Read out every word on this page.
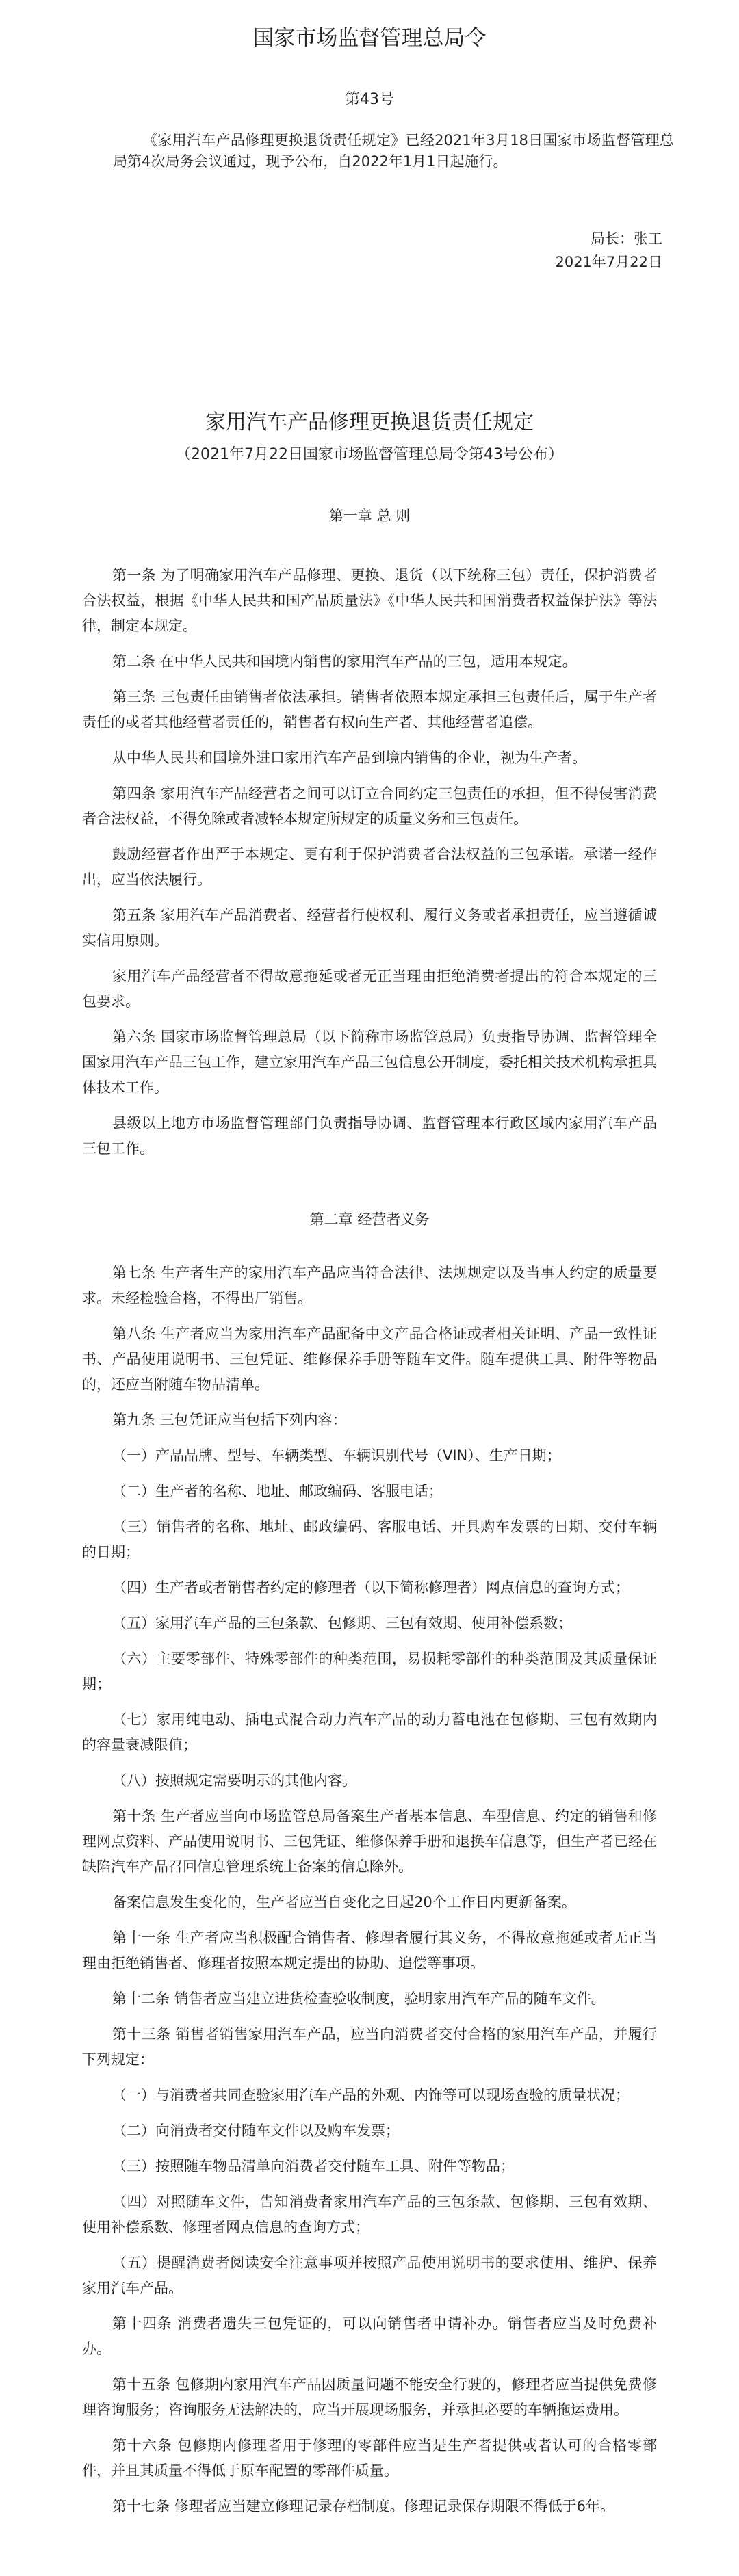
国家市场监督管理总局令
第43号
《家用汽车产品修理更换退货责任规定》已经2021年3月18日国家市场监督管理总局第4次局务会议通过，现予公布，自2022年1月1日起施行。
局长：张工
2021年7月22日
家用汽车产品修理更换退货责任规定
（2021年7月22日国家市场监督管理总局令第43号公布）
第一章 总 则

第一条 为了明确家用汽车产品修理、更换、退货（以下统称三包）责任，保护消费者合法权益，根据《中华人民共和国产品质量法》《中华人民共和国消费者权益保护法》等法律，制定本规定。

第二条 在中华人民共和国境内销售的家用汽车产品的三包，适用本规定。

第三条 三包责任由销售者依法承担。销售者依照本规定承担三包责任后，属于生产者责任的或者其他经营者责任的，销售者有权向生产者、其他经营者追偿。

从中华人民共和国境外进口家用汽车产品到境内销售的企业，视为生产者。

第四条 家用汽车产品经营者之间可以订立合同约定三包责任的承担，但不得侵害消费者合法权益，不得免除或者减轻本规定所规定的质量义务和三包责任。

鼓励经营者作出严于本规定、更有利于保护消费者合法权益的三包承诺。承诺一经作出，应当依法履行。

第五条 家用汽车产品消费者、经营者行使权利、履行义务或者承担责任，应当遵循诚实信用原则。

家用汽车产品经营者不得故意拖延或者无正当理由拒绝消费者提出的符合本规定的三包要求。

第六条 国家市场监督管理总局（以下简称市场监管总局）负责指导协调、监督管理全国家用汽车产品三包工作，建立家用汽车产品三包信息公开制度，委托相关技术机构承担具体技术工作。

县级以上地方市场监督管理部门负责指导协调、监督管理本行政区域内家用汽车产品三包工作。

第二章 经营者义务

第七条 生产者生产的家用汽车产品应当符合法律、法规规定以及当事人约定的质量要求。未经检验合格，不得出厂销售。

第八条 生产者应当为家用汽车产品配备中文产品合格证或者相关证明、产品一致性证书、产品使用说明书、三包凭证、维修保养手册等随车文件。随车提供工具、附件等物品的，还应当附随车物品清单。

第九条 三包凭证应当包括下列内容：

（一）产品品牌、型号、车辆类型、车辆识别代号（VIN）、生产日期；

（二）生产者的名称、地址、邮政编码、客服电话；

（三）销售者的名称、地址、邮政编码、客服电话、开具购车发票的日期、交付车辆的日期；

（四）生产者或者销售者约定的修理者（以下简称修理者）网点信息的查询方式；

（五）家用汽车产品的三包条款、包修期、三包有效期、使用补偿系数；

（六）主要零部件、特殊零部件的种类范围，易损耗零部件的种类范围及其质量保证期；

（七）家用纯电动、插电式混合动力汽车产品的动力蓄电池在包修期、三包有效期内的容量衰减限值；

（八）按照规定需要明示的其他内容。

第十条 生产者应当向市场监管总局备案生产者基本信息、车型信息、约定的销售和修理网点资料、产品使用说明书、三包凭证、维修保养手册和退换车信息等，但生产者已经在缺陷汽车产品召回信息管理系统上备案的信息除外。

备案信息发生变化的，生产者应当自变化之日起20个工作日内更新备案。

第十一条 生产者应当积极配合销售者、修理者履行其义务，不得故意拖延或者无正当理由拒绝销售者、修理者按照本规定提出的协助、追偿等事项。

第十二条 销售者应当建立进货检查验收制度，验明家用汽车产品的随车文件。

第十三条 销售者销售家用汽车产品，应当向消费者交付合格的家用汽车产品，并履行下列规定：

（一）与消费者共同查验家用汽车产品的外观、内饰等可以现场查验的质量状况；

（二）向消费者交付随车文件以及购车发票；

（三）按照随车物品清单向消费者交付随车工具、附件等物品；

（四）对照随车文件，告知消费者家用汽车产品的三包条款、包修期、三包有效期、使用补偿系数、修理者网点信息的查询方式；

（五）提醒消费者阅读安全注意事项并按照产品使用说明书的要求使用、维护、保养家用汽车产品。

第十四条 消费者遗失三包凭证的，可以向销售者申请补办。销售者应当及时免费补办。

第十五条 包修期内家用汽车产品因质量问题不能安全行驶的，修理者应当提供免费修理咨询服务；咨询服务无法解决的，应当开展现场服务，并承担必要的车辆拖运费用。

第十六条 包修期内修理者用于修理的零部件应当是生产者提供或者认可的合格零部件，并且其质量不得低于原车配置的零部件质量。

第十七条 修理者应当建立修理记录存档制度。修理记录保存期限不得低于6年。
